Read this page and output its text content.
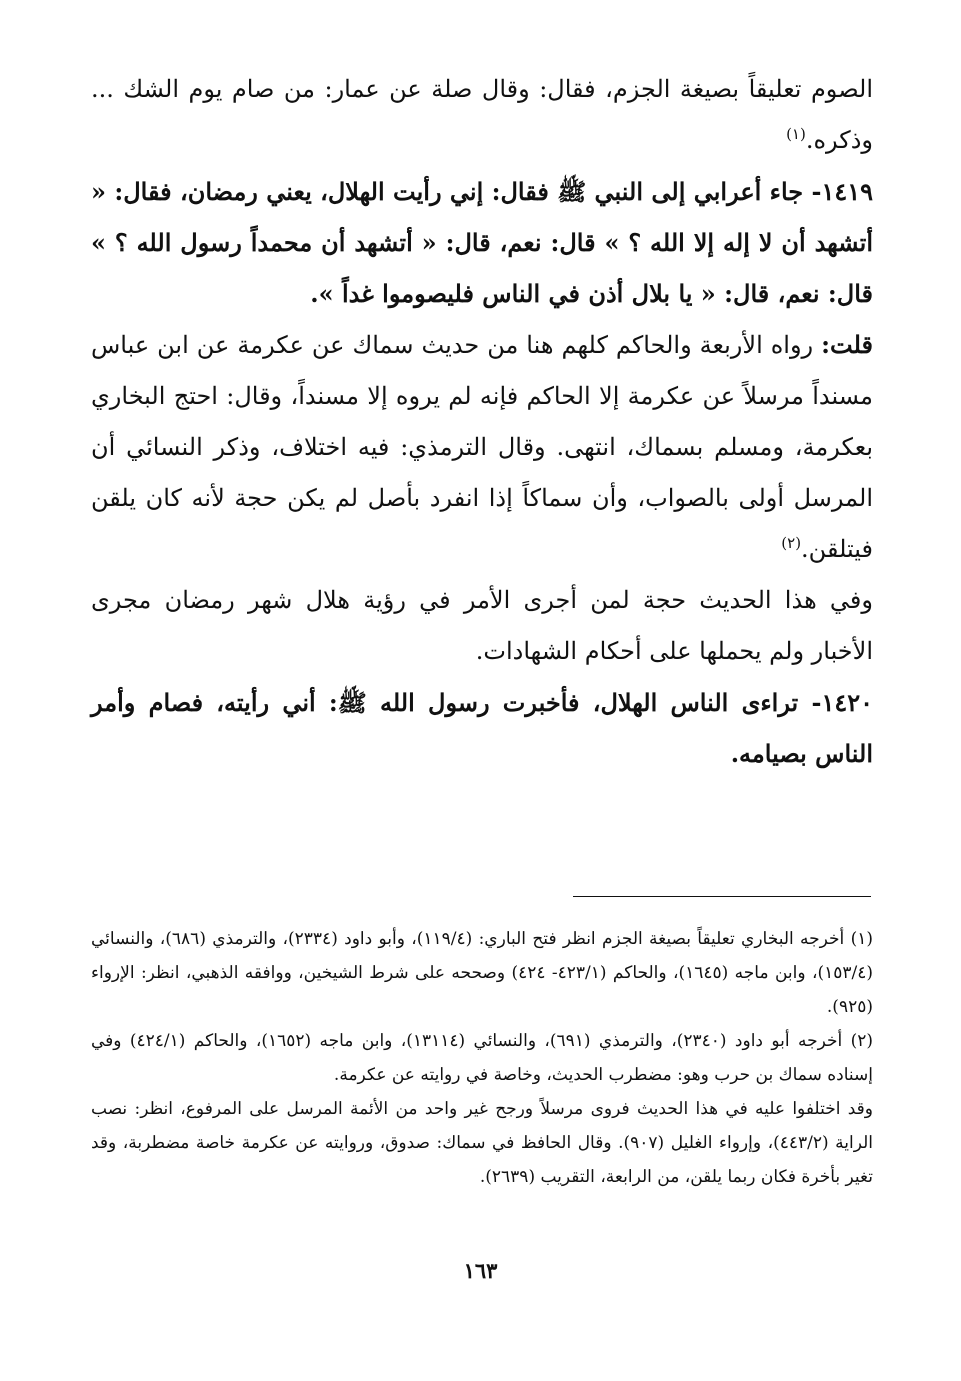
الصوم تعليقاً بصيغة الجزم، فقال: وقال صلة عن عمار: من صام يوم الشك ... وذكره.$^{(١)}$

١٤١٩- جاء أعرابي إلى النبي ﷺ فقال: إني رأيت الهلال، يعني رمضان، فقال: « أتشهد أن لا إله إلا الله ؟ » قال: نعم، قال: « أتشهد أن محمداً رسول الله ؟ » قال: نعم، قال: « يا بلال أذن في الناس فليصوموا غداً ».

قلت: رواه الأربعة والحاكم كلهم هنا من حديث سماك عن عكرمة عن ابن عباس مسنداً مرسلاً عن عكرمة إلا الحاكم فإنه لم يروه إلا مسنداً، وقال: احتج البخاري بعكرمة، ومسلم بسماك، انتهى. وقال الترمذي: فيه اختلاف، وذكر النسائي أن المرسل أولى بالصواب، وأن سماكاً إذا انفرد بأصل لم يكن حجة لأنه كان يلقن فيتلقن.$^{(٢)}$

وفي هذا الحديث حجة لمن أجرى الأمر في رؤية هلال شهر رمضان مجرى الأخبار ولم يحملها على أحكام الشهادات.

١٤٢٠- تراءى الناس الهلال، فأخبرت رسول الله ﷺ: أني رأيته، فصام وأمر الناس بصيامه.

(١) أخرجه البخاري تعليقاً بصيغة الجزم انظر فتح الباري: (١١٩/٤)، وأبو داود (٢٣٣٤)، والترمذي (٦٨٦)، والنسائي (١٥٣/٤)، وابن ماجه (١٦٤٥)، والحاكم (٤٢٣/١- ٤٢٤) وصححه على شرط الشيخين، ووافقه الذهبي، انظر: الإرواء (٩٢٥).

(٢) أخرجه أبو داود (٢٣٤٠)، والترمذي (٦٩١)، والنسائي (١٣١١٤)، وابن ماجه (١٦٥٢)، والحاكم (٤٢٤/١) وفي إسناده سماك بن حرب وهو: مضطرب الحديث، وخاصة في روايته عن عكرمة.

وقد اختلفوا عليه في هذا الحديث فروى مرسلاً ورجح غير واحد من الأئمة المرسل على المرفوع، انظر: نصب الراية (٤٤٣/٢)، وإرواء الغليل (٩٠٧). وقال الحافظ في سماك: صدوق، وروايته عن عكرمة خاصة مضطربة، وقد تغير بأخرة فكان ربما يلقن، من الرابعة، التقريب (٢٦٣٩).

١٦٣
